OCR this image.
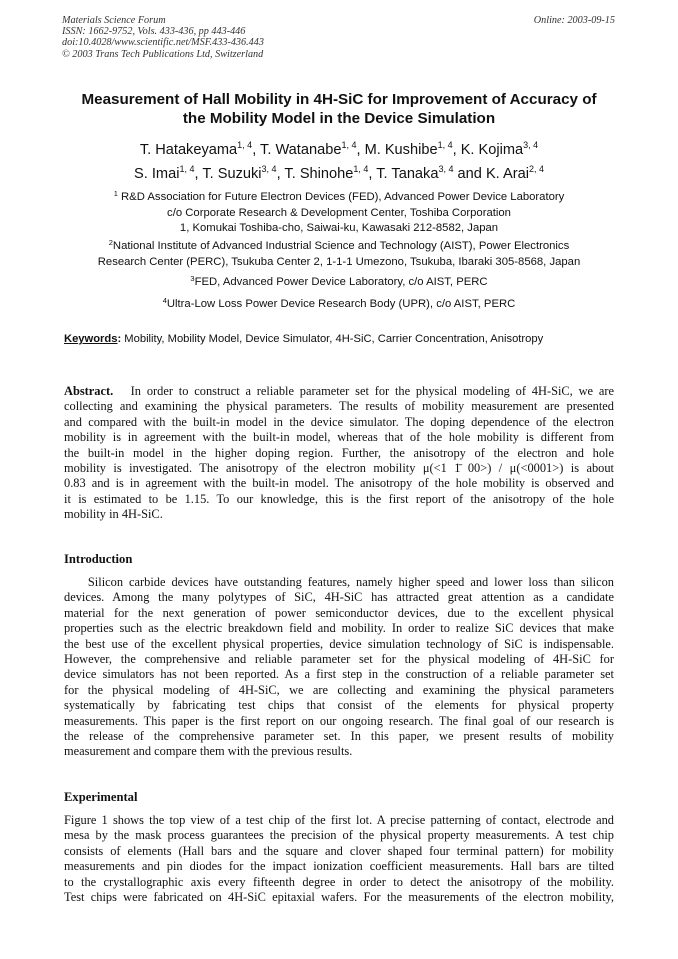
Materials Science Forum
ISSN: 1662-9752, Vols. 433-436, pp 443-446
doi:10.4028/www.scientific.net/MSF.433-436.443
© 2003 Trans Tech Publications Ltd, Switzerland
Online: 2003-09-15
Measurement of Hall Mobility in 4H-SiC for Improvement of Accuracy of
the Mobility Model in the Device Simulation
T. Hatakeyama$^{1, 4}$, T. Watanabe$^{1, 4}$, M. Kushibe$^{1, 4}$, K. Kojima$^{3, 4}$
S. Imai$^{1, 4}$, T. Suzuki$^{3, 4}$, T. Shinohe$^{1, 4}$, T. Tanaka$^{3, 4}$ and K. Arai$^{2, 4}$
$^1$ R&D Association for Future Electron Devices (FED), Advanced Power Device Laboratory
c/o Corporate Research & Development Center, Toshiba Corporation
1, Komukai Toshiba-cho, Saiwai-ku, Kawasaki 212-8582, Japan
$^2$National Institute of Advanced Industrial Science and Technology (AIST), Power Electronics
Research Center (PERC), Tsukuba Center 2, 1-1-1 Umezono, Tsukuba, Ibaraki 305-8568, Japan
$^3$FED, Advanced Power Device Laboratory, c/o AIST, PERC
$^4$Ultra-Low Loss Power Device Research Body (UPR), c/o AIST, PERC
Keywords: Mobility, Mobility Model, Device Simulator, 4H-SiC, Carrier Concentration, Anisotropy
Abstract.   In order to construct a reliable parameter set for the physical modeling of 4H-SiC, we are
collecting and examining the physical parameters. The results of mobility measurement are presented
and compared with the built-in model in the device simulator. The doping dependence of the electron
mobility is in agreement with the built-in model, whereas that of the hole mobility is different from
the built-in model in the higher doping region. Further, the anisotropy of the electron and hole
mobility is investigated. The anisotropy of the electron mobility μ(<1 1̄ 00>) / μ(<0001>) is about
0.83 and is in agreement with the built-in model. The anisotropy of the hole mobility is observed and
it is estimated to be 1.15. To our knowledge, this is the first report of the anisotropy of the hole
mobility in 4H-SiC.
Introduction
Silicon carbide devices have outstanding features, namely higher speed and lower loss than silicon
devices. Among the many polytypes of SiC, 4H-SiC has attracted great attention as a candidate
material for the next generation of power semiconductor devices, due to the excellent physical
properties such as the electric breakdown field and mobility. In order to realize SiC devices that make
the best use of the excellent physical properties, device simulation technology of SiC is indispensable.
However, the comprehensive and reliable parameter set for the physical modeling of 4H-SiC for
device simulators has not been reported. As a first step in the construction of a reliable parameter set
for the physical modeling of 4H-SiC, we are collecting and examining the physical parameters
systematically by fabricating test chips that consist of the elements for physical property
measurements. This paper is the first report on our ongoing research. The final goal of our research is
the release of the comprehensive parameter set. In this paper, we present results of mobility
measurement and compare them with the previous results.
Experimental
Figure 1 shows the top view of a test chip of the first lot. A precise patterning of contact, electrode and
mesa by the mask process guarantees the precision of the physical property measurements. A test chip
consists of elements (Hall bars and the square and clover shaped four terminal pattern) for mobility
measurements and pin diodes for the impact ionization coefficient measurements. Hall bars are tilted
to the crystallographic axis every fifteenth degree in order to detect the anisotropy of the mobility.
Test chips were fabricated on 4H-SiC epitaxial wafers. For the measurements of the electron mobility,
